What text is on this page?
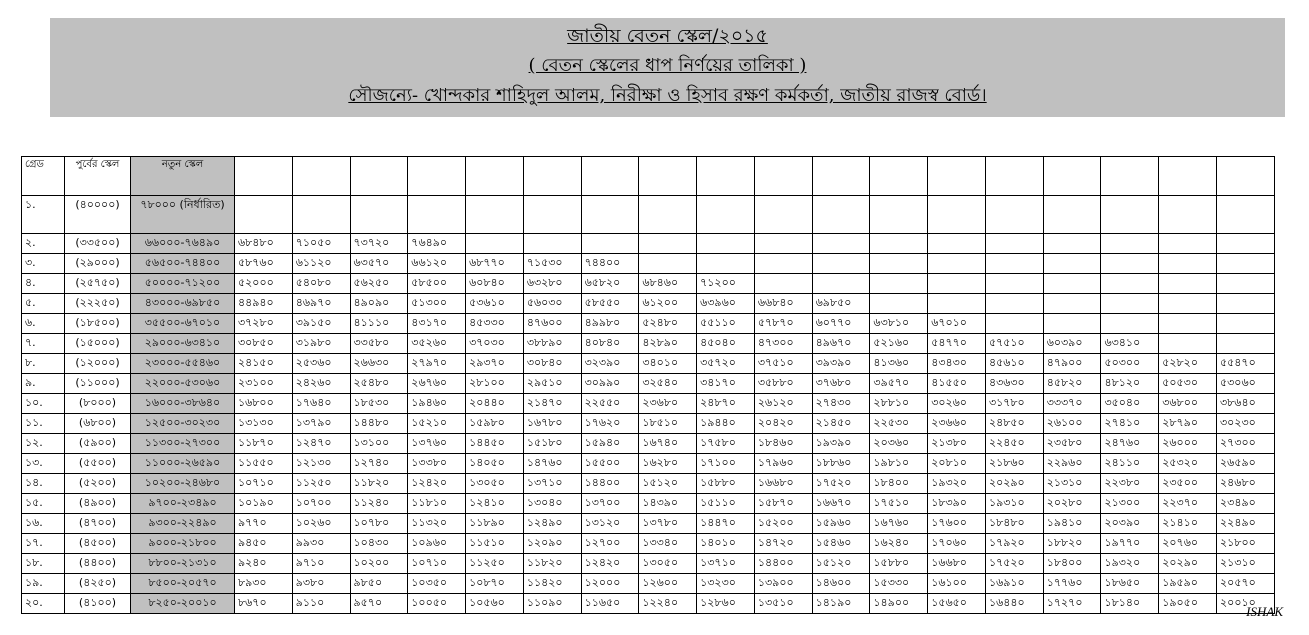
জাতীয় বেতন স্কেল/২০১৫
( বেতন স্কেলের ধাপ নির্ণয়ের তালিকা )
সৌজন্যে- খোন্দকার শাহিদুল আলম, নিরীক্ষা ও হিসাব রক্ষণ কর্মকর্তা, জাতীয় রাজস্ব বোর্ড।
গ্রেড	পুর্বের স্কেল	নতুন স্কেল																		
১.	(৪০০০০)	৭৮০০০ (নির্ধারিত)																		
২.	(৩৩৫০০)	৬৬০০০-৭৬৪৯০	৬৮৪৮০	৭১০৫০	৭৩৭২০	৭৬৪৯০														
৩.	(২৯০০০)	৫৬৫০০-৭৪৪০০	৫৮৭৬০	৬১১২০	৬৩৫৭০	৬৬১২০	৬৮৭৭০	৭১৫৩০	৭৪৪০০											
৪.	(২৫৭৫০)	৫০০০০-৭১২০০	৫২০০০	৫৪০৮০	৫৬২৫০	৫৮৫০০	৬০৮৪০	৬৩২৮০	৬৫৮২০	৬৮৪৬০	৭১২০০									
৫.	(২২২৫০)	৪৩০০০-৬৯৮৫০	৪৪৯৪০	৪৬৯৭০	৪৯০৯০	৫১৩০০	৫৩৬১০	৫৬০৩০	৫৮৫৫০	৬১২০০	৬৩৯৬০	৬৬৮৪০	৬৯৮৫০							
৬.	(১৮৫০০)	৩৫৫০০-৬৭০১০	৩৭২৮০	৩৯১৫০	৪১১১০	৪৩১৭০	৪৫৩৩০	৪৭৬০০	৪৯৯৮০	৫২৪৮০	৫৫১১০	৫৭৮৭০	৬০৭৭০	৬৩৮১০	৬৭০১০					
৭.	(১৫০০০)	২৯০০০-৬৩৪১০	৩০৮৫০	৩১৯৮০	৩৩৫৮০	৩৫২৬০	৩৭০৩০	৩৮৮৯০	৪০৮৪০	৪২৮৯০	৪৫০৪০	৪৭৩০০	৪৯৬৭০	৫২১৬০	৫৪৭৭০	৫৭৫১০	৬০৩৯০	৬৩৪১০		
৮.	(১২০০০)	২৩০০০-৫৫৪৬০	২৪১৫০	২৫৩৬০	২৬৬৩০	২৭৯৭০	২৯৩৭০	৩০৮৪০	৩২৩৯০	৩৪০১০	৩৫৭২০	৩৭৫১০	৩৯৩৯০	৪১৩৬০	৪৩৪৩০	৪৫৬১০	৪৭৯০০	৫০৩০০	৫২৮২০	৫৫৪৭০
৯.	(১১০০০)	২২০০০-৫৩০৬০	২৩১০০	২৪২৬০	২৫৪৮০	২৬৭৬০	২৮১০০	২৯৫১০	৩০৯৯০	৩২৫৪০	৩৪১৭০	৩৫৮৮০	৩৭৬৮০	৩৯৫৭০	৪১৫৫০	৪৩৬৩০	৪৫৮২০	৪৮১২০	৫০৫৩০	৫৩০৬০
১০.	(৮০০০)	১৬০০০-৩৮৬৪০	১৬৮০০	১৭৬৪০	১৮৫৩০	১৯৪৬০	২০৪৪০	২১৪৭০	২২৫৫০	২৩৬৮০	২৪৮৭০	২৬১২০	২৭৪৩০	২৮৮১০	৩০২৬০	৩১৭৮০	৩৩৩৭০	৩৫০৪০	৩৬৮০০	৩৮৬৪০
১১.	(৬৮০০)	১২৫০০-৩০২৩০	১৩১৩০	১৩৭৯০	১৪৪৮০	১৫২১০	১৫৯৮০	১৬৭৮০	১৭৬২০	১৮৫১০	১৯৪৪০	২০৪২০	২১৪৫০	২২৫৩০	২৩৬৬০	২৪৮৫০	২৬১০০	২৭৪১০	২৮৭৯০	৩০২৩০
১২.	(৫৯০০)	১১৩০০-২৭৩০০	১১৮৭০	১২৪৭০	১৩১০০	১৩৭৬০	১৪৪৫০	১৫১৮০	১৫৯৪০	১৬৭৪০	১৭৫৮০	১৮৪৬০	১৯৩৯০	২০৩৬০	২১৩৮০	২২৪৫০	২৩৫৮০	২৪৭৬০	২৬০০০	২৭৩০০
১৩.	(৫৫০০)	১১০০০-২৬৫৯০	১১৫৫০	১২১৩০	১২৭৪০	১৩৩৮০	১৪০৫০	১৪৭৬০	১৫৫০০	১৬২৮০	১৭১০০	১৭৯৬০	১৮৮৬০	১৯৮১০	২০৮১০	২১৮৬০	২২৯৬০	২৪১১০	২৫৩২০	২৬৫৯০
১৪.	(৫২০০)	১০২০০-২৪৬৮০	১০৭১০	১১২৫০	১১৮২০	১২৪২০	১৩০৫০	১৩৭১০	১৪৪০০	১৫১২০	১৫৮৮০	১৬৬৮০	১৭৫২০	১৮৪০০	১৯৩২০	২০২৯০	২১৩১০	২২৩৮০	২৩৫০০	২৪৬৮০
১৫.	(৪৯০০)	৯৭০০-২৩৪৯০	১০১৯০	১০৭০০	১১২৪০	১১৮১০	১২৪১০	১৩০৪০	১৩৭০০	১৪৩৯০	১৫১১০	১৫৮৭০	১৬৬৭০	১৭৫১০	১৮৩৯০	১৯৩১০	২০২৮০	২১৩০০	২২৩৭০	২৩৪৯০
১৬.	(৪৭০০)	৯৩০০-২২৪৯০	৯৭৭০	১০২৬০	১০৭৮০	১১৩২০	১১৮৯০	১২৪৯০	১৩১২০	১৩৭৮০	১৪৪৭০	১৫২০০	১৫৯৬০	১৬৭৬০	১৭৬০০	১৮৪৮০	১৯৪১০	২০৩৯০	২১৪১০	২২৪৯০
১৭.	(৪৫০০)	৯০০০-২১৮০০	৯৪৫০	৯৯৩০	১০৪৩০	১০৯৬০	১১৫১০	১২০৯০	১২৭০০	১৩৩৪০	১৪০১০	১৪৭২০	১৫৪৬০	১৬২৪০	১৭০৬০	১৭৯২০	১৮৮২০	১৯৭৭০	২০৭৬০	২১৮০০
১৮.	(৪৪০০)	৮৮০০-২১৩১০	৯২৪০	৯৭১০	১০২০০	১০৭১০	১১২৫০	১১৮২০	১২৪২০	১৩০৫০	১৩৭১০	১৪৪০০	১৫১২০	১৫৮৮০	১৬৬৮০	১৭৫২০	১৮৪০০	১৯৩২০	২০২৯০	২১৩১০
১৯.	(৪২৫০)	৮৫০০-২০৫৭০	৮৯৩০	৯৩৮০	৯৮৫০	১০৩৫০	১০৮৭০	১১৪২০	১২০০০	১২৬০০	১৩২৩০	১৩৯০০	১৪৬০০	১৫৩৩০	১৬১০০	১৬৯১০	১৭৭৬০	১৮৬৫০	১৯৫৯০	২০৫৭০
২০.	(৪১০০)	৮২৫০-২০০১০	৮৬৭০	৯১১০	৯৫৭০	১০০৫০	১০৫৬০	১১০৯০	১১৬৫০	১২২৪০	১২৮৬০	১৩৫১০	১৪১৯০	১৪৯০০	১৫৬৫০	১৬৪৪০	১৭২৭০	১৮১৪০	১৯০৫০	২০০১০
ISHAK
